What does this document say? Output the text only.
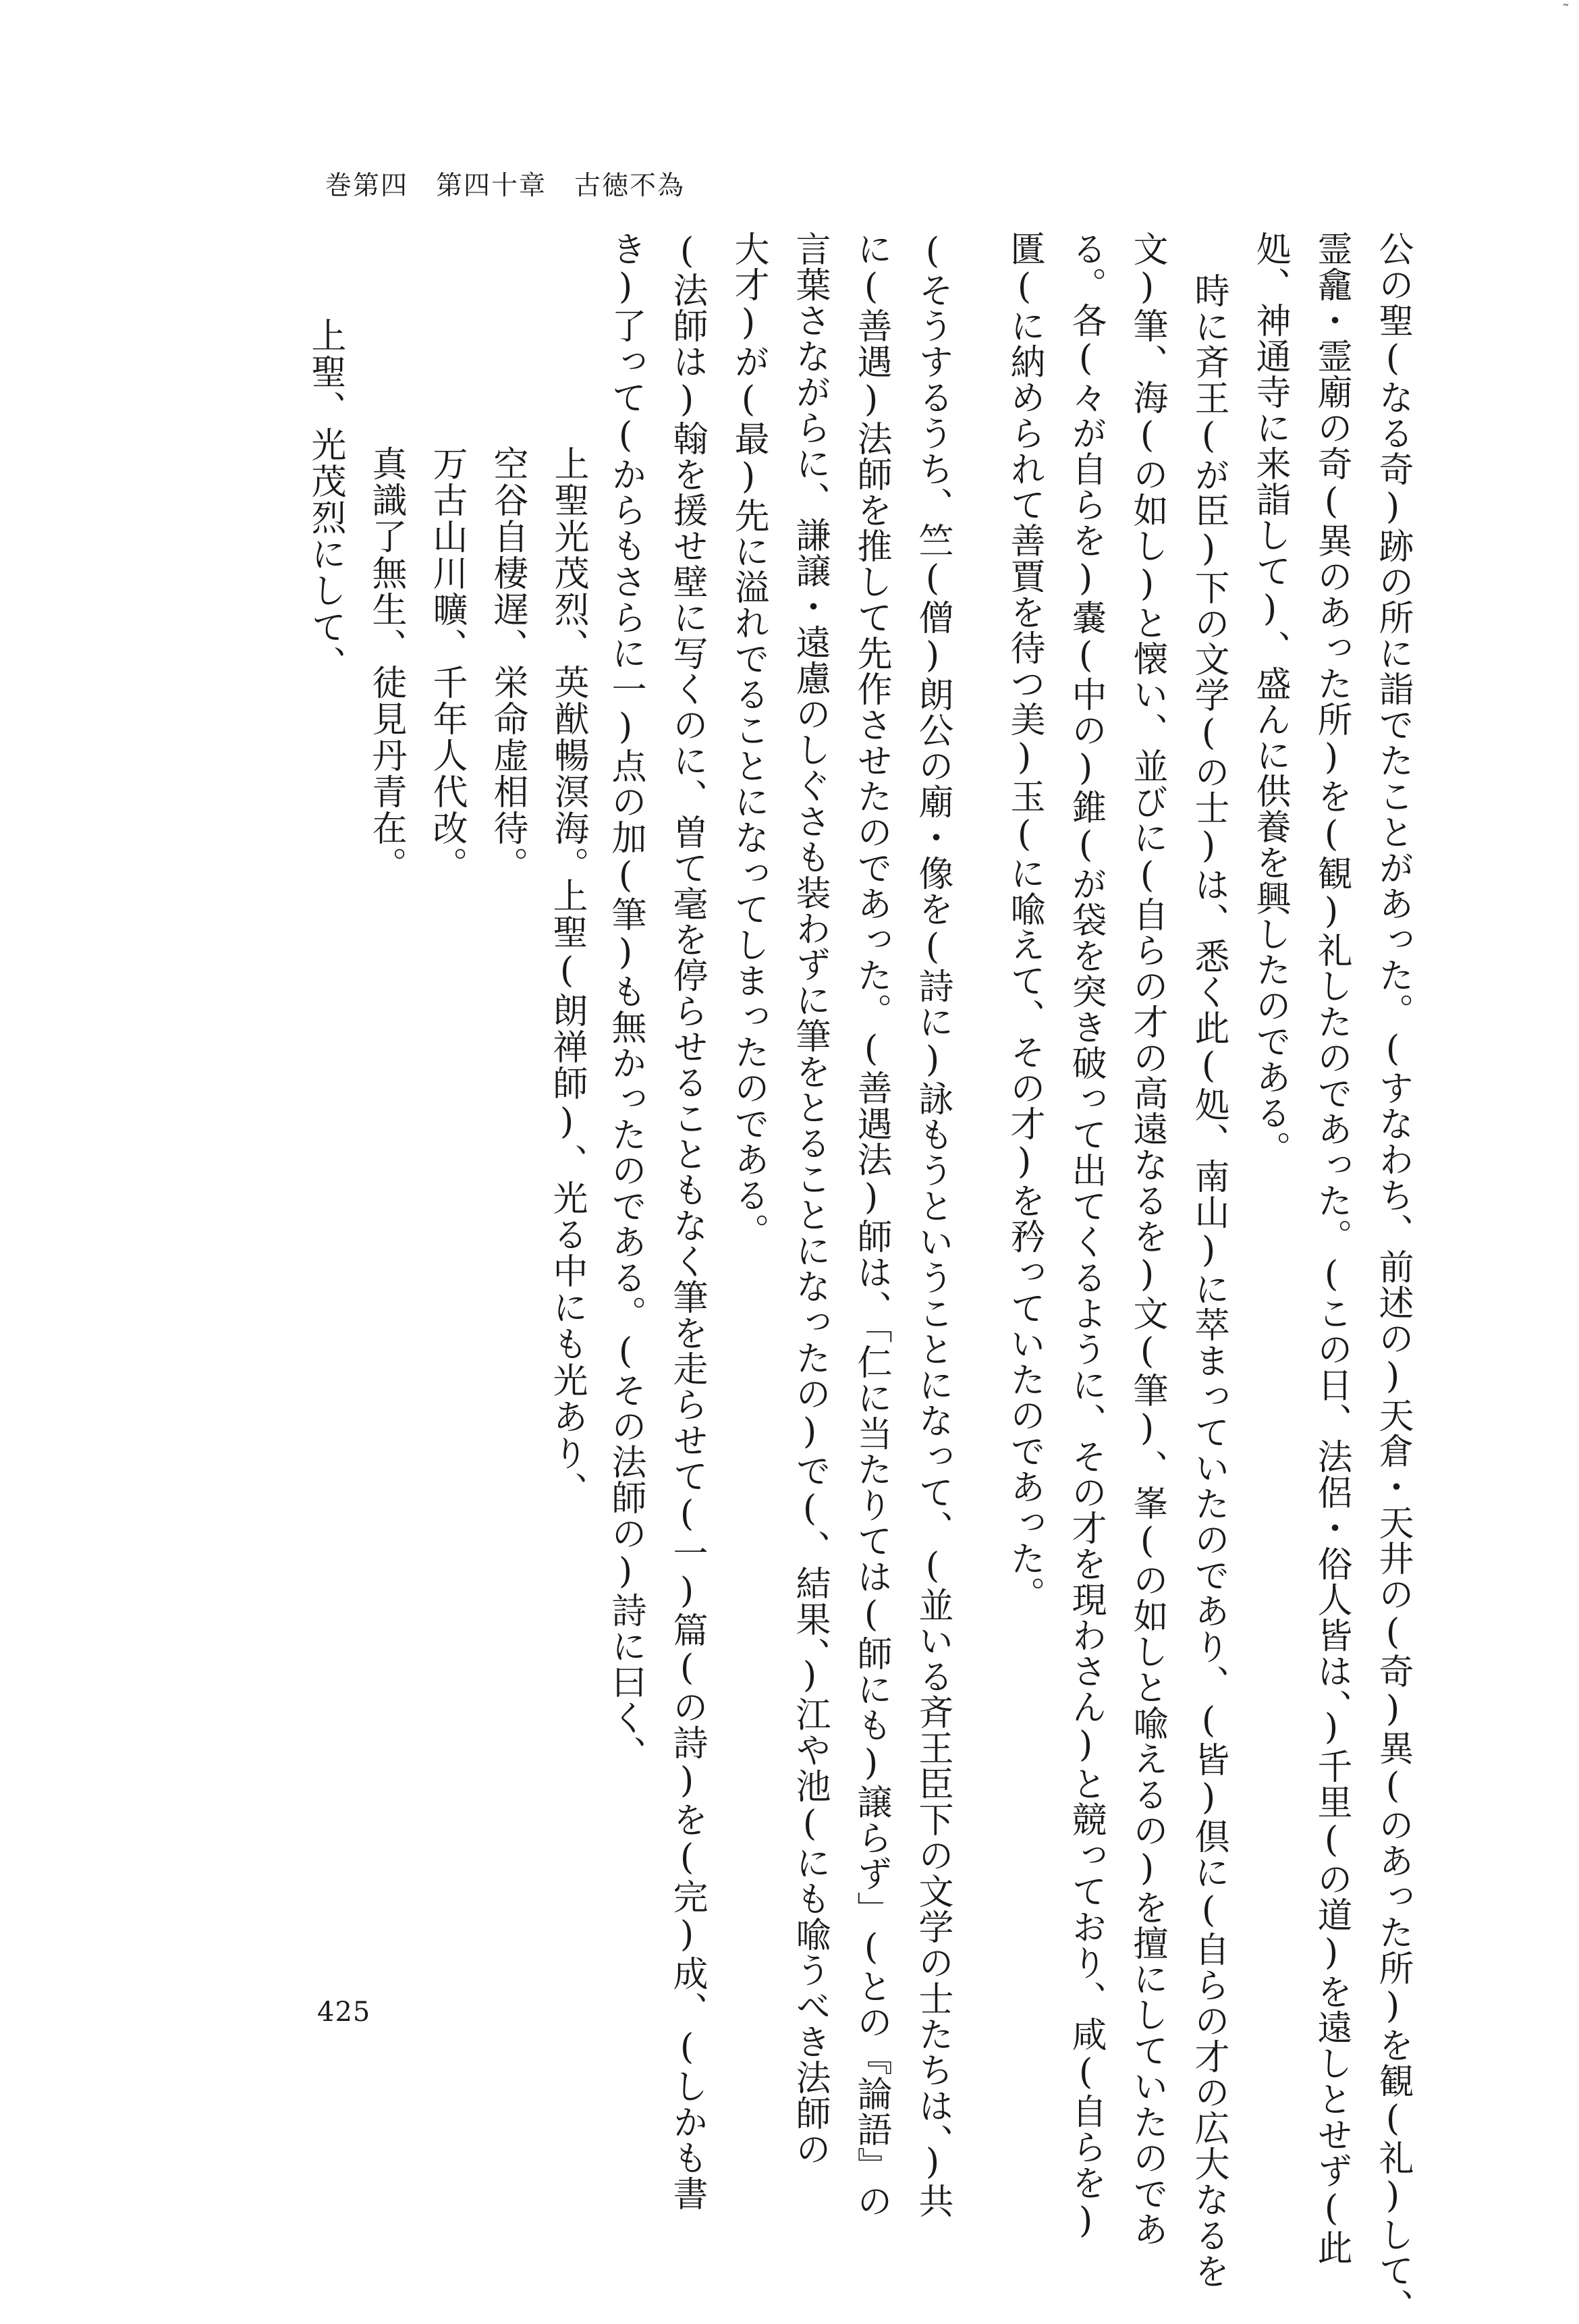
˜
巻第四　第四十章　古徳不為
公の聖(なる奇)跡の所に詣でたことがあった。(すなわち、前述の)天倉・天井の(奇)異(のあった所)を観(礼)して、
霊龕・霊廟の奇(異のあった所)を(観)礼したのであった。(この日、法侶・俗人皆は、)千里(の道)を遠しとせず(此
処、神通寺に来詣して)、盛んに供養を興したのである。
時に斉王(が臣)下の文学(の士)は、悉く此(処、南山)に萃まっていたのであり、(皆)倶に(自らの才の広大なるを
文)筆、海(の如し)と懐い、並びに(自らの才の高遠なるを)文(筆)、峯(の如しと喩えるの)を擅にしていたのであ
る。各(々が自らを)嚢(中の)錐(が袋を突き破って出てくるように、その才を現わさん)と競っており、咸(自らを)
匱(に納められて善賈を待つ美)玉(に喩えて、その才)を矜っていたのであった。
(そうするうち、竺(僧)朗公の廟・像を(詩に)詠もうということになって、(並いる斉王臣下の文学の士たちは、)共
に(善遇)法師を推して先作させたのであった。(善遇法)師は、「仁に当たりては(師にも)譲らず」(との『論語』の
言葉さながらに、謙譲・遠慮のしぐさも装わずに筆をとることになったの)で(、結果、)江や池(にも喩うべき法師の
大才)が(最)先に溢れでることになってしまったのである。
(法師は)翰を援せ壁に写くのに、曽て毫を停らせることもなく筆を走らせて(一)篇(の詩)を(完)成、(しかも書
き)了って(からもさらに一)点の加(筆)も無かったのである。(その法師の)詩に曰く、
上聖(朗禅師)、光る中にも光あり、
上聖光茂烈、英猷暢溟海。
空谷自棲遅、栄命虚相待。
万古山川曠、千年人代改。
真識了無生、徒見丹青在。
上聖、光茂烈にして、
425
